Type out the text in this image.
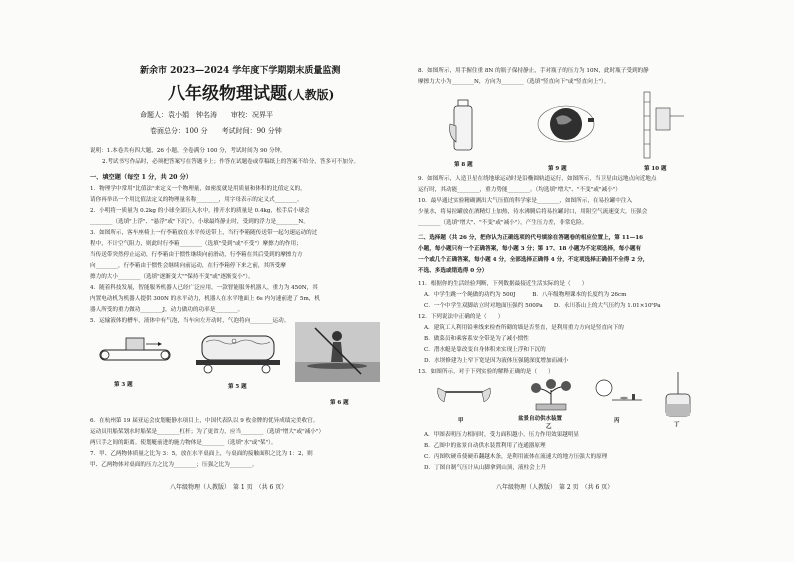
新余市 2023—2024 学年度下学期期末质量监测
八年级物理试题(人教版)
命题人：袁小娟　钟名涛　　审校：况界平
卷面总分：100 分　　考试时间：90 分钟
说明：1.本卷共有四大题，26 小题，全卷满分 100 分，考试时间为 90 分钟。
2.考试书写作品时，必须把答案写在答题卡上；作答在试题卷或草稿纸上的答案不给分，答多可不加分。
一、填空题（每空 1 分，共 20 分）
1．物理学中常用"比值法"来定义一个物理量，如密度就是用质量和体积的比值定义的，
请你再举出一个用比值法定义的物理量名称________，用字母表示的定义式________。
2．小明将一质量为 0.2kg 的小球全部压入水中，排开水的质量是 0.4kg，松手后小球会
________（选填"上浮"、"悬浮"或"下沉"），小球最终静止时，受到的浮力是________N。
3．如图所示，客车座椅上一行李箱放在水平传送带上，当行李箱随传送带一起匀速运动的过
程中，不计空气阻力，则此时行李箱________（选填"受到"或"不受"）摩擦力的作用；
当传送带突然停止运动，行李箱由于惯性继续向前滑动，行李箱在其后受到的摩擦力方
向________，行李箱由于惯性会继续向前运动，在行李箱停下来之前，其所受摩
擦力的大小________（选填"逐渐变大""保持不变"或"逐渐变小"）。
4．随着科技发展，智能服务机器人已经广泛应用，一款智能服务机器人，重力为 450N，其
内置电动机为机器人提供 300N 的水平动力，机器人在水平地面上 6s 内匀速前进了 5m，机
器人所受的重力做功________J，动力做功的功率是________。
5．运输液体的槽车，液体中有气泡，当车向左开动时，气泡将向________运动。
第 3 题	第 5 题
第 6 题
6．在杭州第 19 届亚运会皮划艇静水项目上，中国代表队以 9 枚金牌的优异成绩完美收官。
运动员用船桨划水时船桨是________杠杆；为了更省力，应当________（选填"增大"或"减小"）
两只手之间的距离。使划艇前进的施力物体是________（选填"水"或"桨"）。
7．甲、乙两物体质量之比为 3：5，放在水平桌面上，与桌面的接触面积之比为 1：2，则
甲、乙两物体对桌面的压力之比为________；压强之比为________。
八年级物理（人教版）　第 1 页　（共 6 页）
8．如图所示，用手握住重 8N 的瓶子保持静止，手对瓶子的压力为 10N，此时瓶子受到的静
摩擦力大小为________N，方向为________（选填"竖直向下"或"竖直向上"）。
第 8 题
第 9 题	第 10 题
9．如图所示，人造卫星在绕地球运动时是沿椭圆轨道运行，如图所示，当卫星由远地点向近地点
运行时，其动能________，重力势能________。（均选填"增大"、"不变"或"减小"）
10．最早通过实验精确测出大气压值的科学家是________，如图所示，在易拉罐中注入
少量水，将易拉罐放在酒精灯上加热，待水沸腾后将易拉罐封口，用阻空气流速变大，压强会
________（选填"增大"、"不变"或"减小"），产生压力差，非常危险。
二、选择题（共 26 分，把你认为正确选项的代号填涂在答题卷的相应位置上，第 11—16
小题，每小题只有一个正确答案，每小题 3 分；第 17、18 小题为不定项选择，每小题有
一个或几个正确答案，每小题 4 分，全部选择正确得 4 分，不定项选择正确但不全得 2 分，
不选、多选或错选得 0 分）
11．根据你的生活经验判断，下列数据最接近生活实际的是（　　）
A．中学生跳一个绳做的功约为 500J　　　B．八年级物理课本的长度约为 26cm
C．一个中学生双脚站立时对地面压强约 500Pa　　D．永川茶山上的大气压约为 1.01×10⁵Pa
12．下列说法中正确的是（　　）
A．建筑工人利用铅垂线来检查所砌的墙是否竖直，是利用重力方向是竖直向下的
B．做菜员和乘客系安全带是为了减小惯性
C．潜水艇是靠改变自身体积来实现上浮和下沉的
D．水坝修建为上窄下宽是因为液体压强随深度增加而减小
13．如图所示，对于下列实验的解释正确的是（　　）
甲	盆景自动供水装置
乙
丙
丁
A．甲图表明压力相同时，受力面积越小，压力作用效果越明显
B．乙图中的盆景自动供水装置利用了连通器原理
C．丙图吹硬币使硬币翻越木条，是利用流体在流速大的地方压强大的原理
D．丁图自制气压计从山脚拿到山顶，液柱会上升
八年级物理（人教版）　第 2 页　（共 6 页）
